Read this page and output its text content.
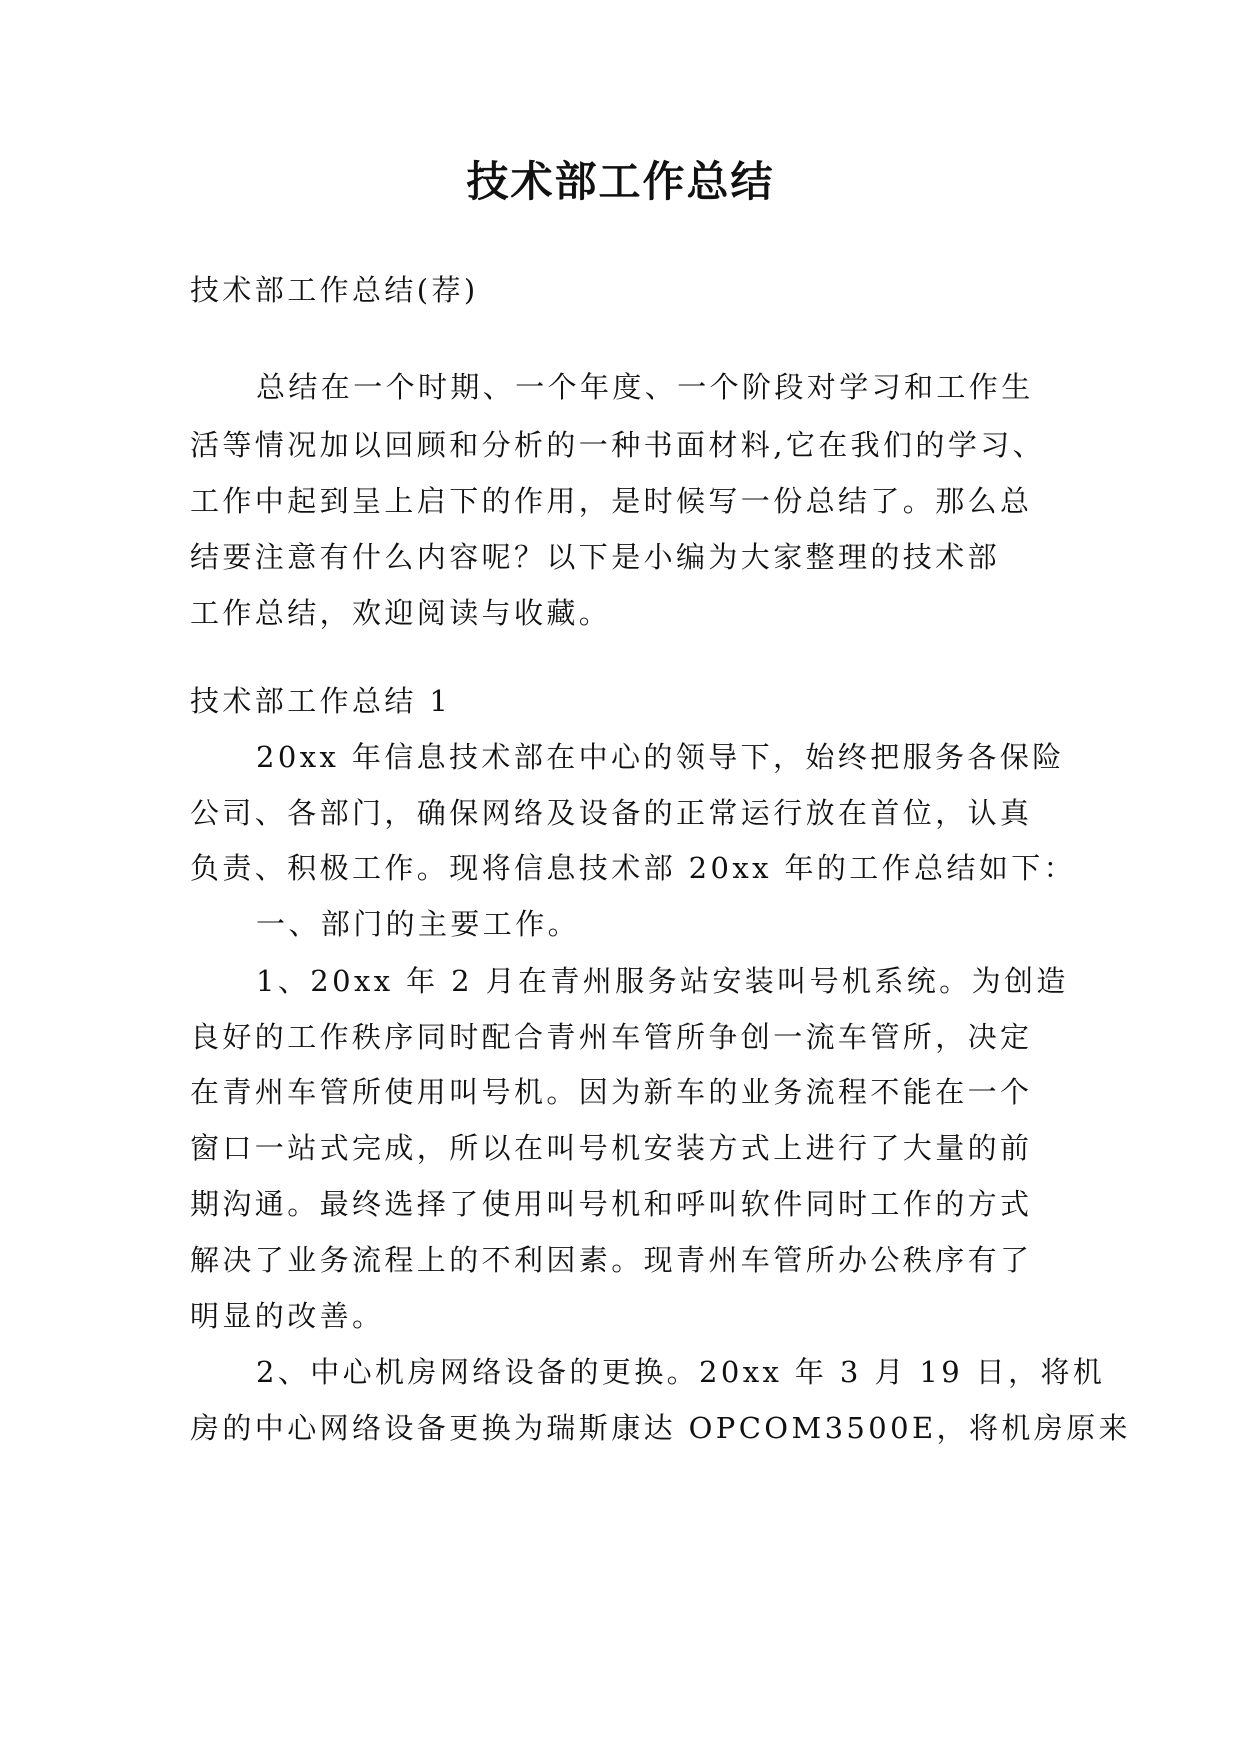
技术部工作总结

技术部工作总结(荐)

总结在一个时期、一个年度、一个阶段对学习和工作生

活等情况加以回顾和分析的一种书面材料,它在我们的学习、

工作中起到呈上启下的作用，是时候写一份总结了。那么总

结要注意有什么内容呢？以下是小编为大家整理的技术部

工作总结，欢迎阅读与收藏。

技术部工作总结 1

20xx 年信息技术部在中心的领导下，始终把服务各保险

公司、各部门，确保网络及设备的正常运行放在首位，认真

负责、积极工作。现将信息技术部 20xx 年的工作总结如下：

一、部门的主要工作。

1、20xx 年 2 月在青州服务站安装叫号机系统。为创造

良好的工作秩序同时配合青州车管所争创一流车管所，决定

在青州车管所使用叫号机。因为新车的业务流程不能在一个

窗口一站式完成，所以在叫号机安装方式上进行了大量的前

期沟通。最终选择了使用叫号机和呼叫软件同时工作的方式

解决了业务流程上的不利因素。现青州车管所办公秩序有了

明显的改善。

2、中心机房网络设备的更换。20xx 年 3 月 19 日，将机

房的中心网络设备更换为瑞斯康达 OPCOM3500E，将机房原来
